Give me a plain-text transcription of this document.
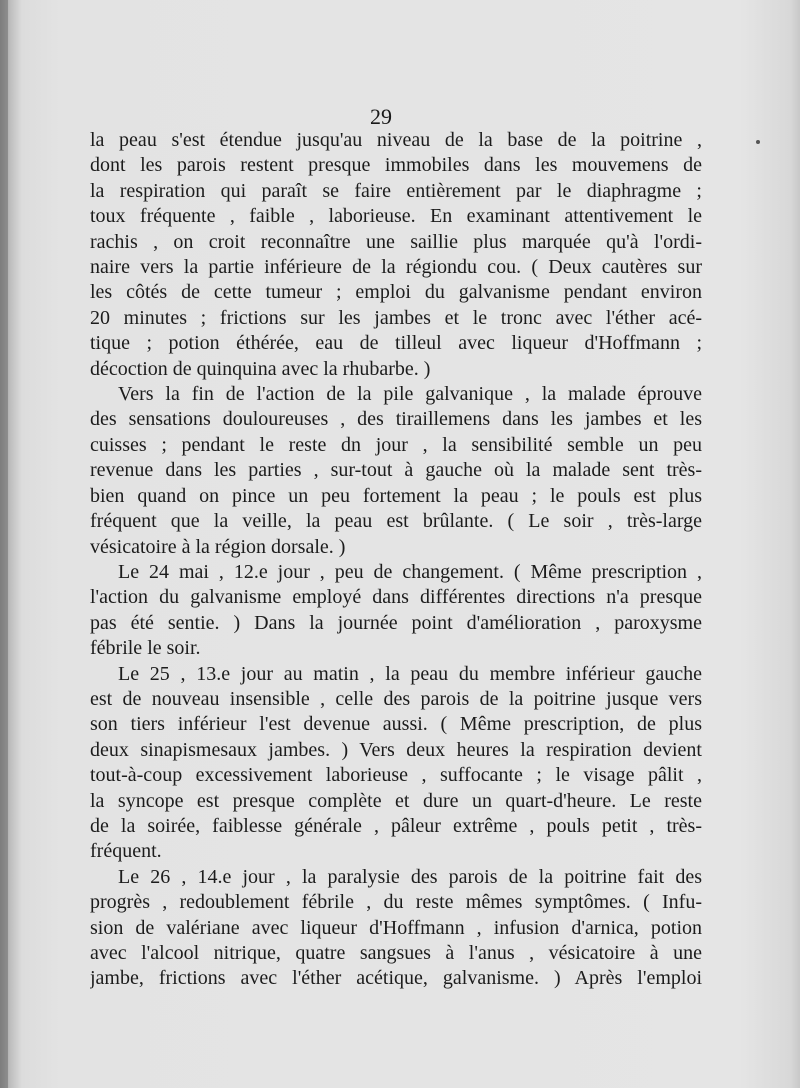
29
la peau s'est étendue jusqu'au niveau de la base de la poitrine ,
dont les parois restent presque immobiles dans les mouvemens de
la respiration qui paraît se faire entièrement par le diaphragme ;
toux fréquente , faible , laborieuse. En examinant attentivement le
rachis , on croit reconnaître une saillie plus marquée qu'à l'ordi-
naire vers la partie inférieure de la régiondu cou. ( Deux cautères sur
les côtés de cette tumeur ; emploi du galvanisme pendant environ
20 minutes ; frictions sur les jambes et le tronc avec l'éther acé-
tique ; potion éthérée, eau de tilleul avec liqueur d'Hoffmann ;
décoction de quinquina avec la rhubarbe. )
Vers la fin de l'action de la pile galvanique , la malade éprouve
des sensations douloureuses , des tiraillemens dans les jambes et les
cuisses ; pendant le reste dn jour , la sensibilité semble un peu
revenue dans les parties , sur-tout à gauche où la malade sent très-
bien quand on pince un peu fortement la peau ; le pouls est plus
fréquent que la veille, la peau est brûlante. ( Le soir , très-large
vésicatoire à la région dorsale. )
Le 24 mai , 12.e jour , peu de changement. ( Même prescription ,
l'action du galvanisme employé dans différentes directions n'a presque
pas été sentie. ) Dans la journée point d'amélioration , paroxysme
fébrile le soir.
Le 25 , 13.e jour au matin , la peau du membre inférieur gauche
est de nouveau insensible , celle des parois de la poitrine jusque vers
son tiers inférieur l'est devenue aussi. ( Même prescription, de plus
deux sinapismesaux jambes. ) Vers deux heures la respiration devient
tout-à-coup excessivement laborieuse , suffocante ; le visage pâlit ,
la syncope est presque complète et dure un quart-d'heure. Le reste
de la soirée, faiblesse générale , pâleur extrême , pouls petit , très-
fréquent.
Le 26 , 14.e jour , la paralysie des parois de la poitrine fait des
progrès , redoublement fébrile , du reste mêmes symptômes. ( Infu-
sion de valériane avec liqueur d'Hoffmann , infusion d'arnica, potion
avec l'alcool nitrique, quatre sangsues à l'anus , vésicatoire à une
jambe, frictions avec l'éther acétique, galvanisme. ) Après l'emploi
